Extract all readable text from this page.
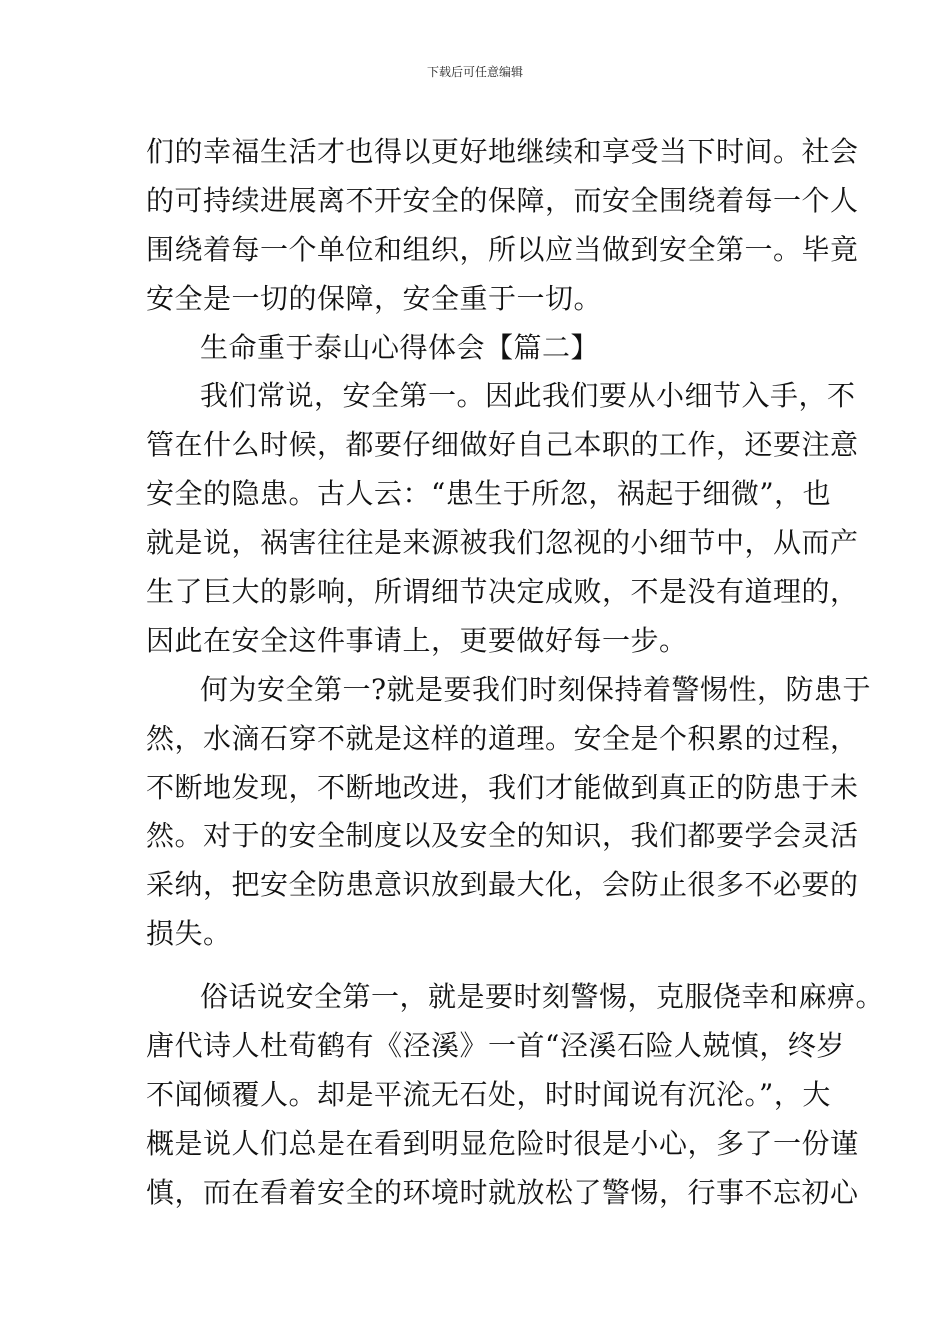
下载后可任意编辑
们的幸福生活才也得以更好地继续和享受当下时间。社会
的可持续进展离不开安全的保障，而安全围绕着每一个人
围绕着每一个单位和组织，所以应当做到安全第一。毕竟
安全是一切的保障，安全重于一切。
生命重于泰山心得体会【篇二】
我们常说，安全第一。因此我们要从小细节入手，不
管在什么时候，都要仔细做好自己本职的工作，还要注意
安全的隐患。古人云：“患生于所忽，祸起于细微”，也
就是说，祸害往往是来源被我们忽视的小细节中，从而产
生了巨大的影响，所谓细节决定成败，不是没有道理的，
因此在安全这件事请上，更要做好每一步。
何为安全第一?就是要我们时刻保持着警惕性，防患于
然，水滴石穿不就是这样的道理。安全是个积累的过程，
不断地发现，不断地改进，我们才能做到真正的防患于未
然。对于的安全制度以及安全的知识，我们都要学会灵活
采纳，把安全防患意识放到最大化，会防止很多不必要的
损失。
俗话说安全第一，就是要时刻警惕，克服侥幸和麻痹。
唐代诗人杜荀鹤有《泾溪》一首“泾溪石险人兢慎，终岁
不闻倾覆人。却是平流无石处，时时闻说有沉沦。”，大
概是说人们总是在看到明显危险时很是小心，多了一份谨
慎，而在看着安全的环境时就放松了警惕，行事不忘初心
